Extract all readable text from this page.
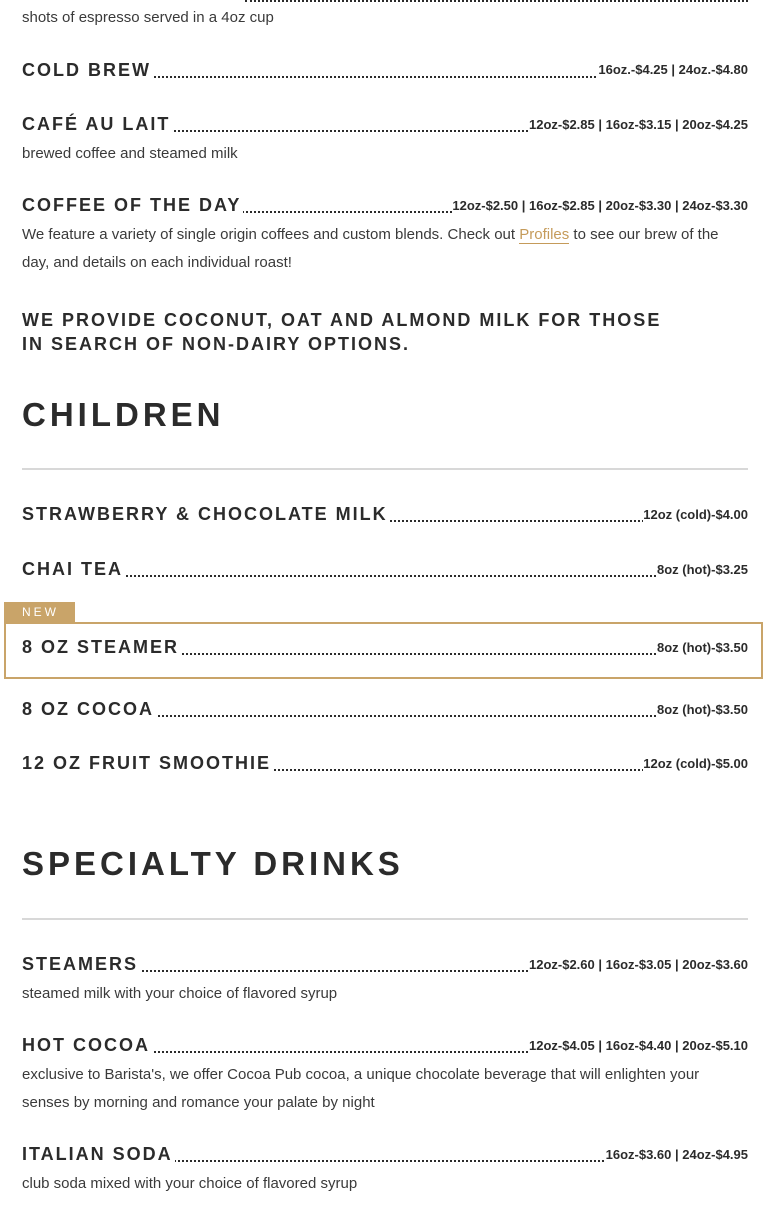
shots of espresso served in a 4oz cup
COLD BREW	16oz.-$4.25 | 24oz.-$4.80
CAFÉ AU LAIT	12oz-$2.85 | 16oz-$3.15 | 20oz-$4.25
brewed coffee and steamed milk
COFFEE OF THE DAY	12oz-$2.50 | 16oz-$2.85 | 20oz-$3.30 | 24oz-$3.30
We feature a variety of single origin coffees and custom blends. Check out Profiles to see our brew of the day, and details on each individual roast!
WE PROVIDE COCONUT, OAT AND ALMOND MILK FOR THOSE IN SEARCH OF NON-DAIRY OPTIONS.
CHILDREN
STRAWBERRY & CHOCOLATE MILK	12oz (cold)-$4.00
CHAI TEA	8oz (hot)-$3.25
NEW
8 OZ STEAMER	8oz (hot)-$3.50
8 OZ COCOA	8oz (hot)-$3.50
12 OZ FRUIT SMOOTHIE	12oz (cold)-$5.00
SPECIALTY DRINKS
STEAMERS	12oz-$2.60 | 16oz-$3.05 | 20oz-$3.60
steamed milk with your choice of flavored syrup
HOT COCOA	12oz-$4.05 | 16oz-$4.40 | 20oz-$5.10
exclusive to Barista's, we offer Cocoa Pub cocoa, a unique chocolate beverage that will enlighten your senses by morning and romance your palate by night
ITALIAN SODA	16oz-$3.60 | 24oz-$4.95
club soda mixed with your choice of flavored syrup
